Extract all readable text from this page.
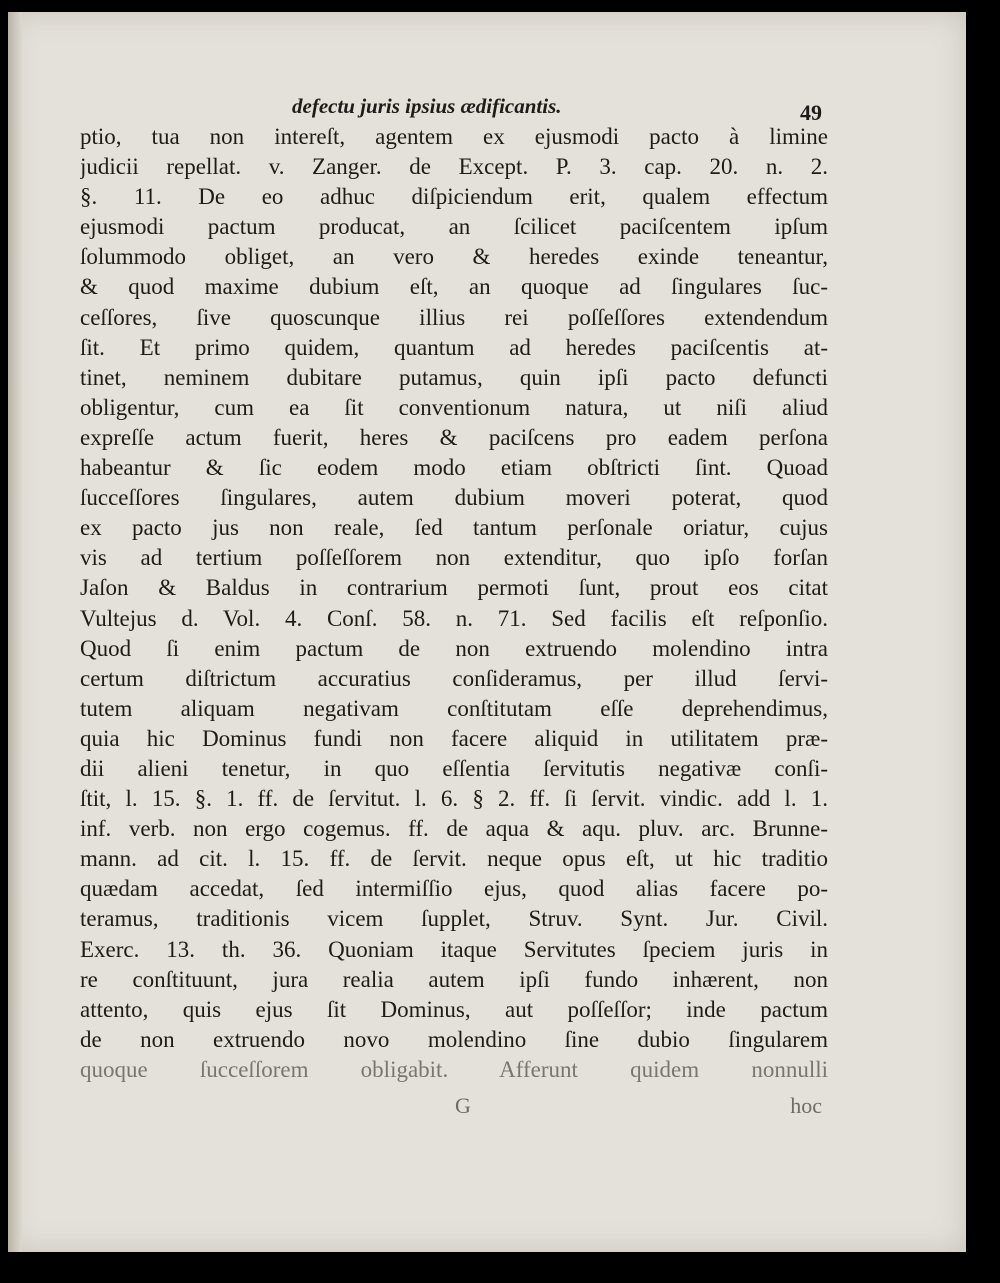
defectu juris ipsius ædificantis.	49
ptio, tua non intereſt, agentem ex ejusmodi pacto à limine
judicii repellat. v. Zanger. de Except. P. 3. cap. 20. n. 2.
§. 11. De eo adhuc diſpiciendum erit, qualem effectum
ejusmodi pactum producat, an ſcilicet paciſcentem ipſum
ſolummodo obliget, an vero & heredes exinde teneantur,
& quod maxime dubium eſt, an quoque ad ſingulares ſuc-
ceſſores, ſive quoscunque illius rei poſſeſſores extendendum
ſit. Et primo quidem, quantum ad heredes paciſcentis at-
tinet, neminem dubitare putamus, quin ipſi pacto defuncti
obligentur, cum ea ſit conventionum natura, ut niſi aliud
expreſſe actum fuerit, heres & paciſcens pro eadem perſona
habeantur & ſic eodem modo etiam obſtricti ſint. Quoad
ſucceſſores ſingulares, autem dubium moveri poterat, quod
ex pacto jus non reale, ſed tantum perſonale oriatur, cujus
vis ad tertium poſſeſſorem non extenditur, quo ipſo forſan
Jaſon & Baldus in contrarium permoti ſunt, prout eos citat
Vultejus d. Vol. 4. Conſ. 58. n. 71. Sed facilis eſt reſponſio.
Quod ſi enim pactum de non extruendo molendino intra
certum diſtrictum accuratius conſideramus, per illud ſervi-
tutem aliquam negativam conſtitutam eſſe deprehendimus,
quia hic Dominus fundi non facere aliquid in utilitatem præ-
dii alieni tenetur, in quo eſſentia ſervitutis negativæ conſi-
ſtit, l. 15. §. 1. ff. de ſervitut. l. 6. § 2. ff. ſi ſervit. vindic. add l. 1.
inf. verb. non ergo cogemus. ff. de aqua & aqu. pluv. arc. Brunne-
mann. ad cit. l. 15. ff. de ſervit. neque opus eſt, ut hic traditio
quædam accedat, ſed intermiſſio ejus, quod alias facere po-
teramus, traditionis vicem ſupplet, Struv. Synt. Jur. Civil.
Exerc. 13. th. 36. Quoniam itaque Servitutes ſpeciem juris in
re conſtituunt, jura realia autem ipſi fundo inhærent, non
attento, quis ejus ſit Dominus, aut poſſeſſor; inde pactum
de non extruendo novo molendino ſine dubio ſingularem
quoque ſucceſſorem obligabit. Afferunt quidem nonnulli
G	hoc
